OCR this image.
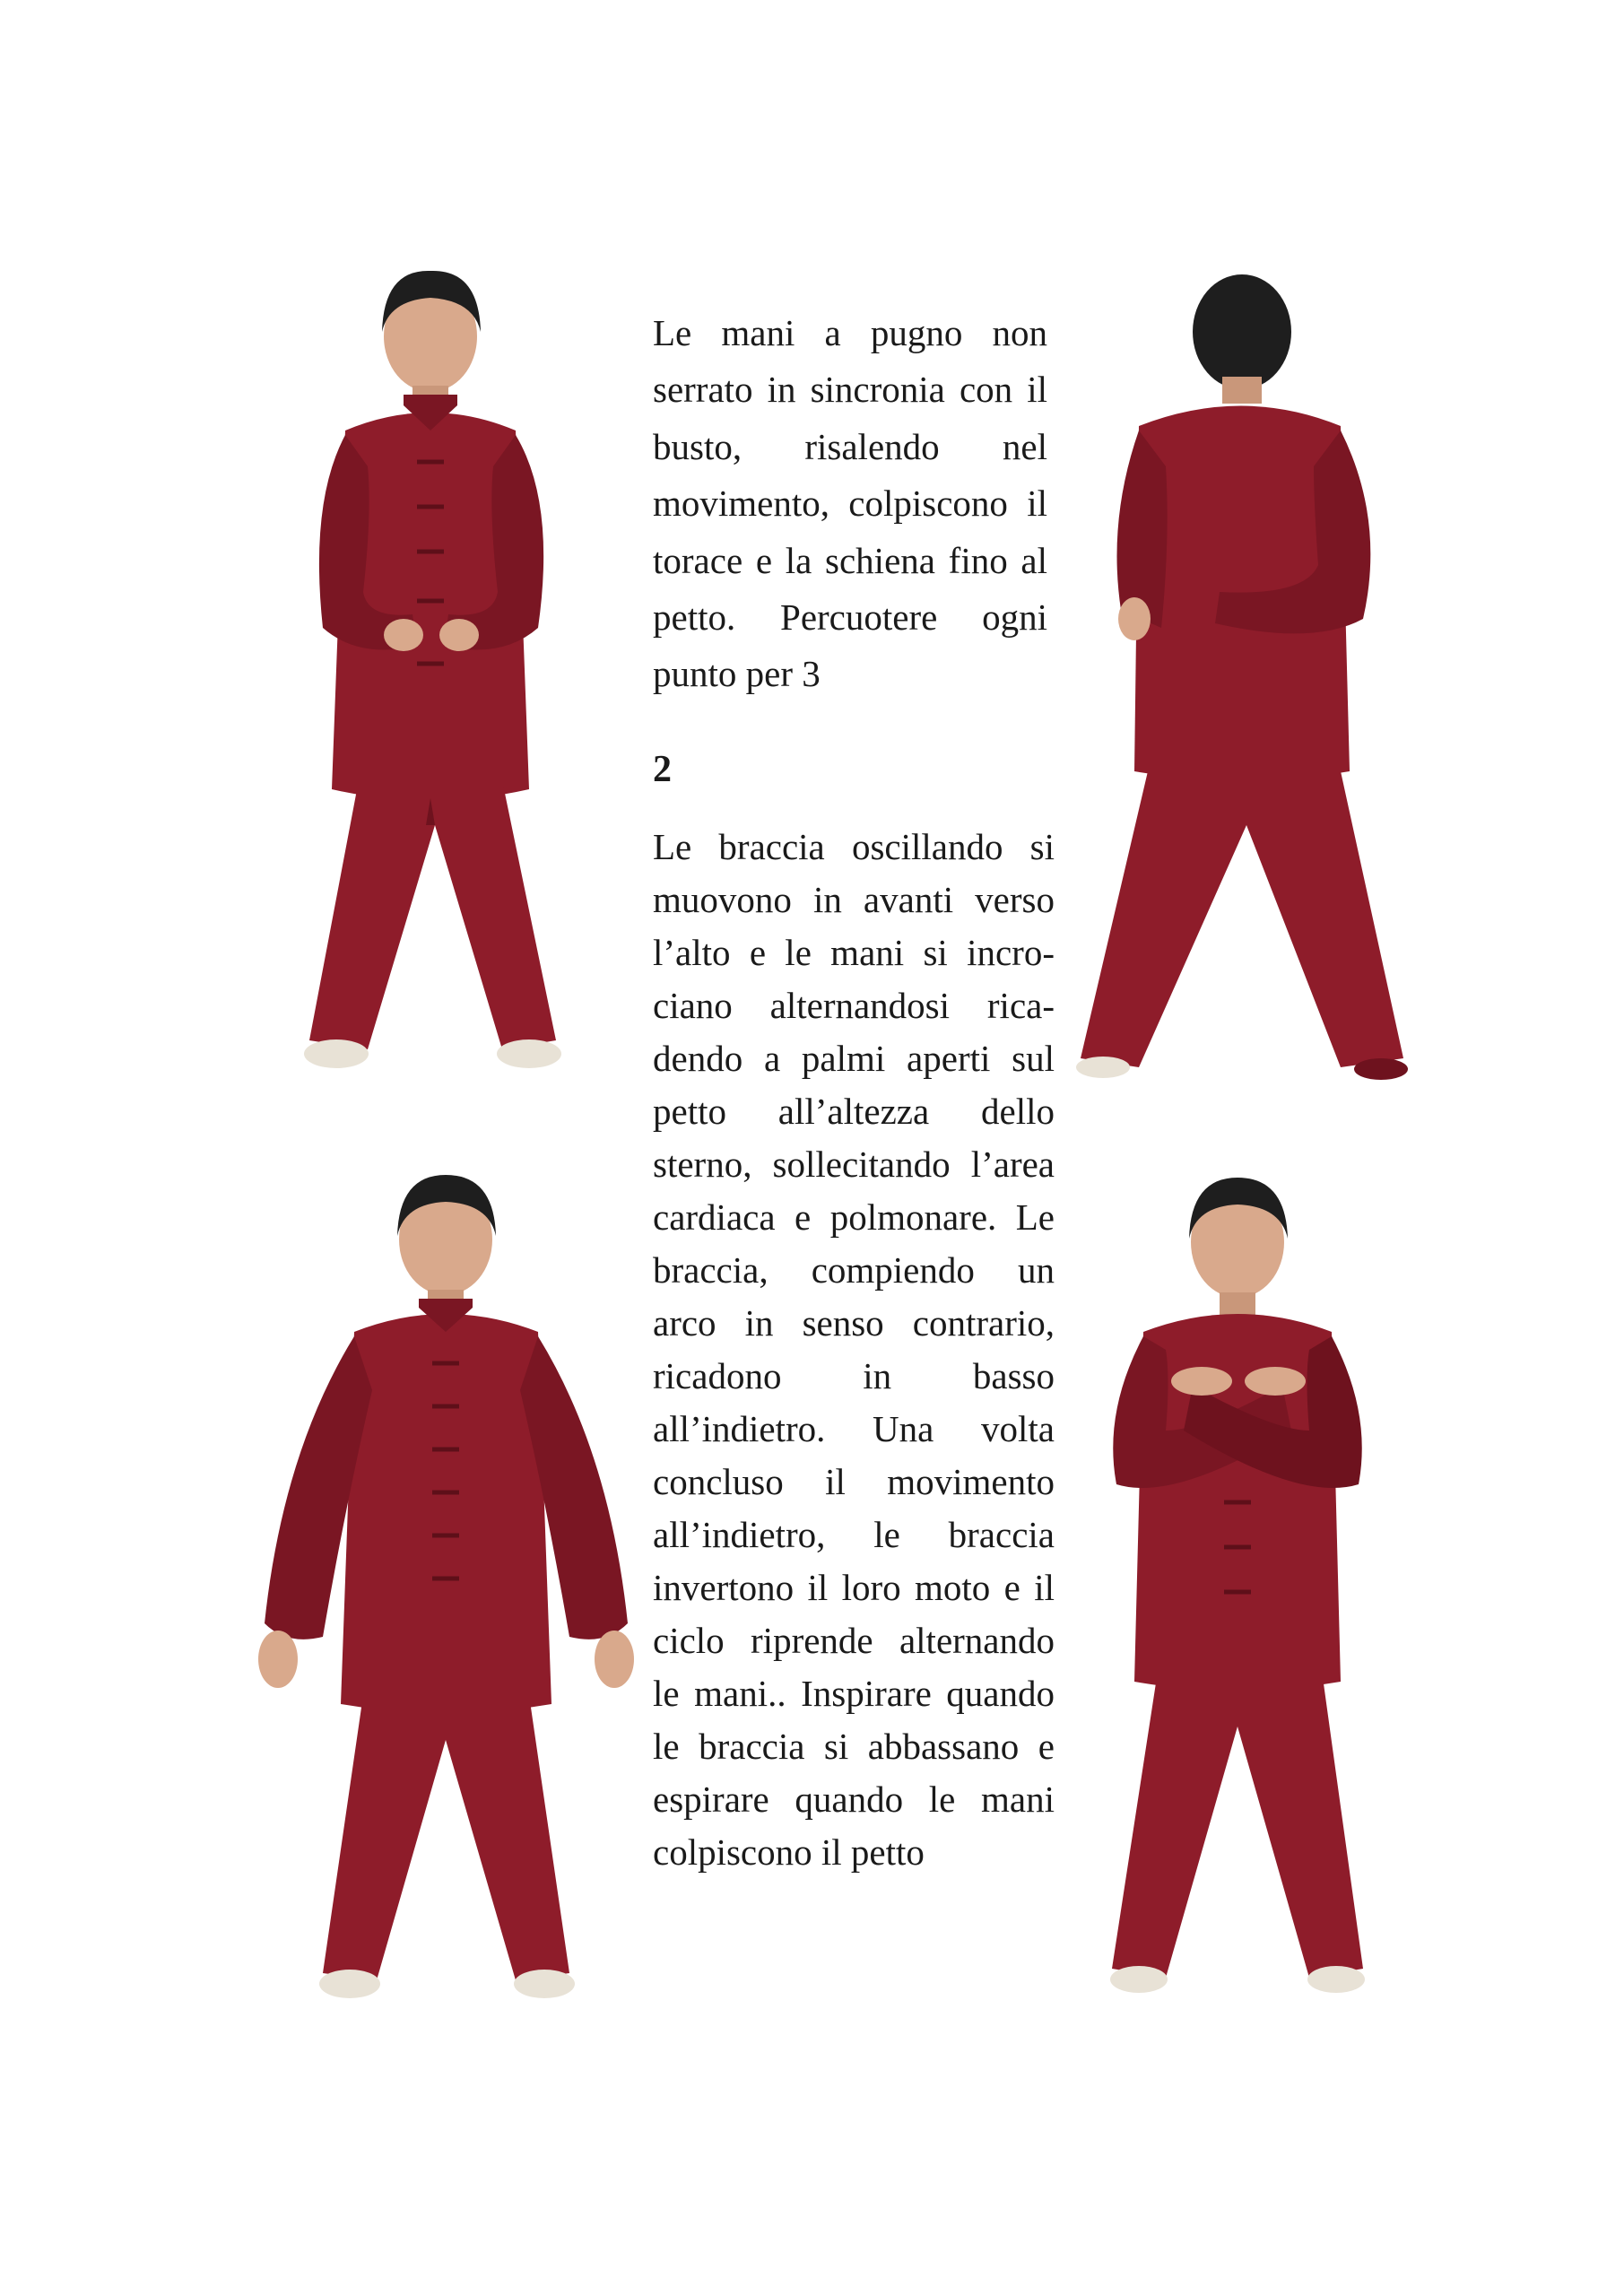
Le mani a pugno non serrato in sincronia con il busto, risalendo nel movimento, colpiscono il torace e la schiena fino al petto. Percuotere ogni punto per 3

2

Le braccia oscillando si muovono in avanti verso l’alto e le mani si incrociano alternandosi ricadendo a palmi aperti sul petto all’altezza dello sterno, sollecitando l’area cardiaca e polmonare. Le braccia, compiendo un arco in senso contrario, ricadono in basso all’indietro. Una volta concluso il movimento all’indietro, le braccia invertono il loro moto e il ciclo riprende alternando le mani.. Inspirare quando le braccia si abbassano e espirare quando le mani colpiscono il petto
